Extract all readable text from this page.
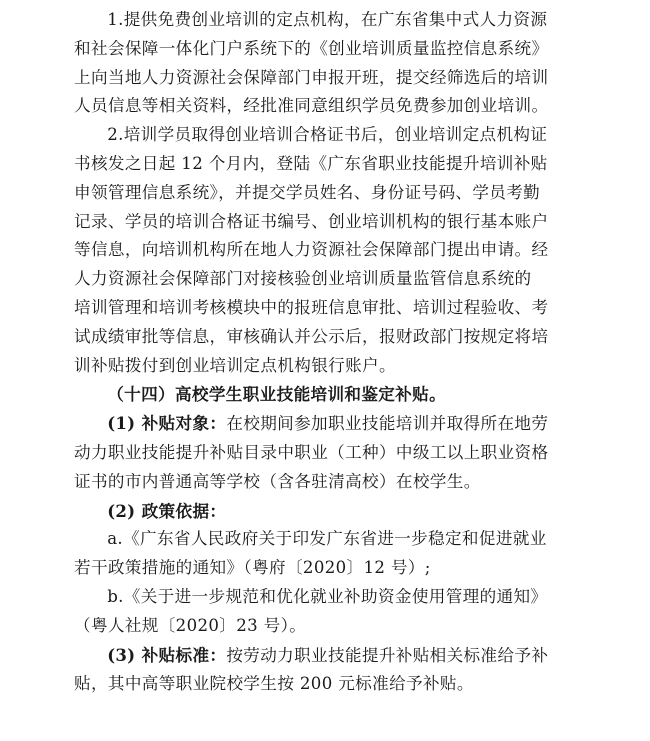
1.提供免费创业培训的定点机构，在广东省集中式人力资源

和社会保障一体化门户系统下的《创业培训质量监控信息系统》

上向当地人力资源社会保障部门申报开班，提交经筛选后的培训

人员信息等相关资料，经批准同意组织学员免费参加创业培训。

2.培训学员取得创业培训合格证书后，创业培训定点机构证

书核发之日起 12 个月内，登陆《广东省职业技能提升培训补贴

申领管理信息系统》，并提交学员姓名、身份证号码、学员考勤

记录、学员的培训合格证书编号、创业培训机构的银行基本账户

等信息，向培训机构所在地人力资源社会保障部门提出申请。经

人力资源社会保障部门对接核验创业培训质量监管信息系统的

培训管理和培训考核模块中的报班信息审批、培训过程验收、考

试成绩审批等信息，审核确认并公示后，报财政部门按规定将培

训补贴拨付到创业培训定点机构银行账户。

（十四）高校学生职业技能培训和鉴定补贴。

(1) 补贴对象：在校期间参加职业技能培训并取得所在地劳

动力职业技能提升补贴目录中职业（工种）中级工以上职业资格

证书的市内普通高等学校（含各驻清高校）在校学生。

(2) 政策依据：

a.《广东省人民政府关于印发广东省进一步稳定和促进就业

若干政策措施的通知》（粤府〔2020〕12 号）;

b.《关于进一步规范和优化就业补助资金使用管理的通知》

（粤人社规〔2020〕23 号）。

(3) 补贴标准：按劳动力职业技能提升补贴相关标准给予补

贴，其中高等职业院校学生按 200 元标准给予补贴。
